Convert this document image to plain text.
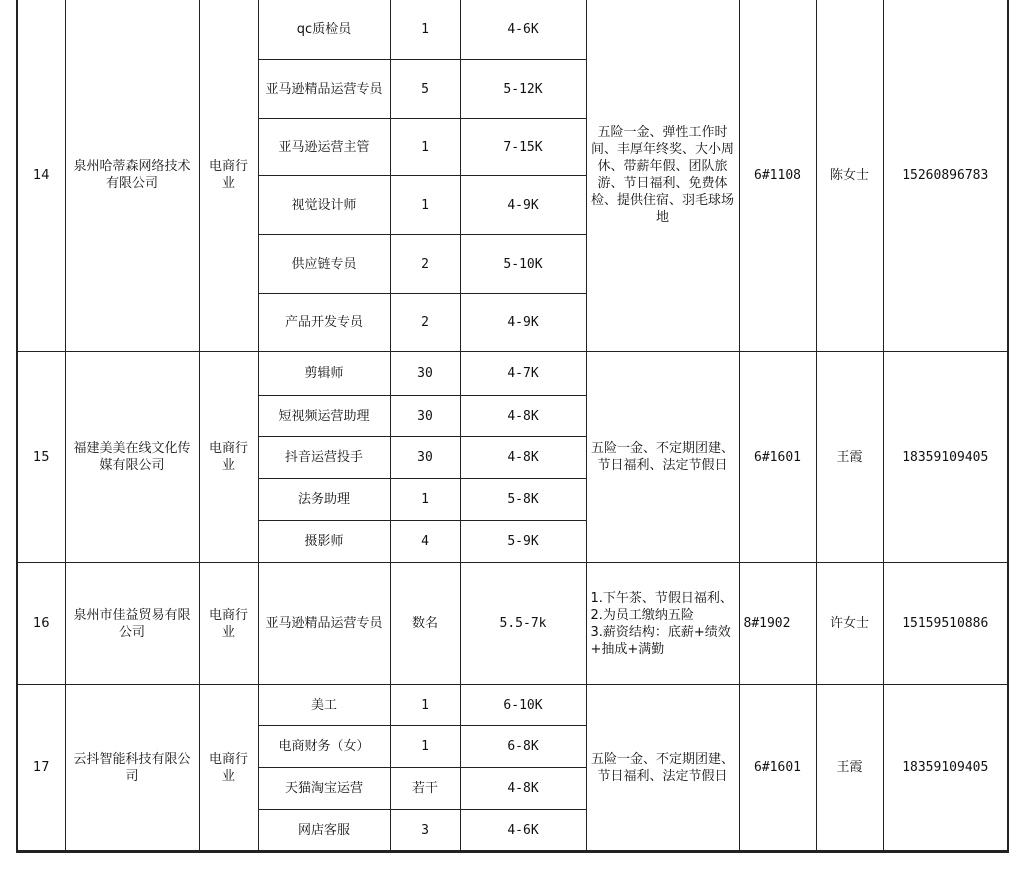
14	泉州哈蒂森网络技术有限公司	电商行业	qc质检员	1	4-6K	五险一金、弹性工作时间、丰厚年终奖、大小周休、带薪年假、团队旅游、节日福利、免费体检、提供住宿、羽毛球场地	6#1108	陈女士	15260896783
			亚马逊精品运营专员	5	5-12K				
			亚马逊运营主管	1	7-15K				
			视觉设计师	1	4-9K				
			供应链专员	2	5-10K				
			产品开发专员	2	4-9K				
15	福建美美在线文化传媒有限公司	电商行业	剪辑师	30	4-7K	五险一金、不定期团建、节日福利、法定节假日	6#1601	王霞	18359109405
			短视频运营助理	30	4-8K				
			抖音运营投手	30	4-8K				
			法务助理	1	5-8K				
			摄影师	4	5-9K				
16	泉州市佳益贸易有限公司	电商行业	亚马逊精品运营专员	数名	5.5-7k	1.下午茶、节假日福利、
2.为员工缴纳五险
3.薪资结构：底薪+绩效+抽成+满勤	8#1902	许女士	15159510886
17	云抖智能科技有限公司	电商行业	美工	1	6-10K	五险一金、不定期团建、节日福利、法定节假日	6#1601	王霞	18359109405
			电商财务（女）	1	6-8K				
			天猫淘宝运营	若干	4-8K				
			网店客服	3	4-6K				
